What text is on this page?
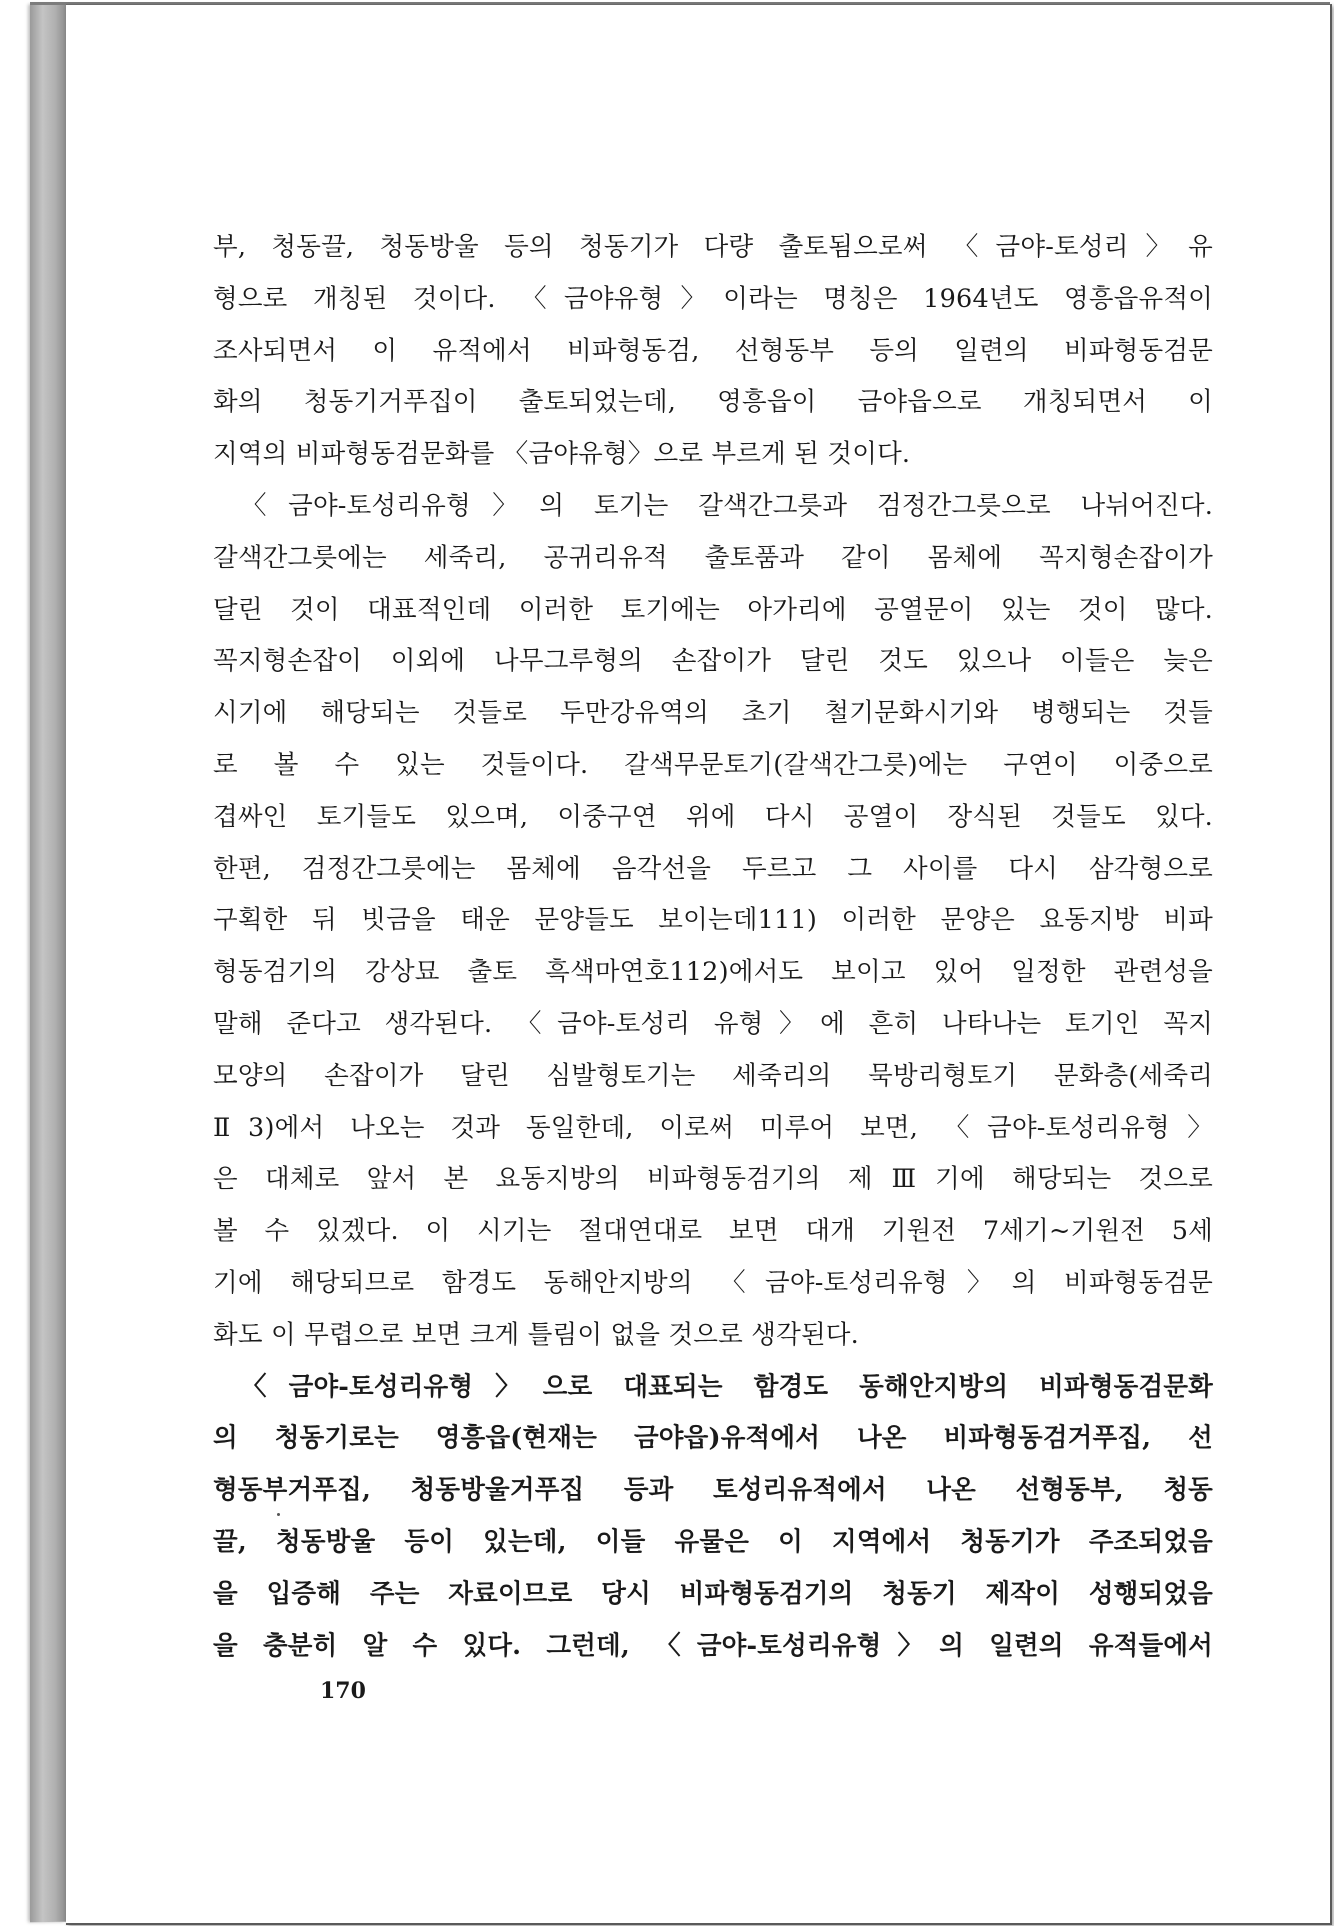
부, 청동끌, 청동방울 등의 청동기가 다량 출토됨으로써 〈금야-토성리〉유
형으로 개칭된 것이다. 〈금야유형〉이라는 명칭은 1964년도 영흥읍유적이
조사되면서 이 유적에서 비파형동검, 선형동부 등의 일련의 비파형동검문
화의 청동기거푸집이 출토되었는데, 영흥읍이 금야읍으로 개칭되면서 이
지역의 비파형동검문화를 〈금야유형〉으로 부르게 된 것이다.
〈금야-토성리유형〉의 토기는 갈색간그릇과 검정간그릇으로 나뉘어진다.
갈색간그릇에는 세죽리, 공귀리유적 출토품과 같이 몸체에 꼭지형손잡이가
달린 것이 대표적인데 이러한 토기에는 아가리에 공열문이 있는 것이 많다.
꼭지형손잡이 이외에 나무그루형의 손잡이가 달린 것도 있으나 이들은 늦은
시기에 해당되는 것들로 두만강유역의 초기 철기문화시기와 병행되는 것들
로 볼 수 있는 것들이다. 갈색무문토기(갈색간그릇)에는 구연이 이중으로
겹싸인 토기들도 있으며, 이중구연 위에 다시 공열이 장식된 것들도 있다.
한편, 검정간그릇에는 몸체에 음각선을 두르고 그 사이를 다시 삼각형으로
구획한 뒤 빗금을 태운 문양들도 보이는데111) 이러한 문양은 요동지방 비파
형동검기의 강상묘 출토 흑색마연호112)에서도 보이고 있어 일정한 관련성을
말해 준다고 생각된다. 〈금야-토성리 유형〉에 흔히 나타나는 토기인 꼭지
모양의 손잡이가 달린 심발형토기는 세죽리의 묵방리형토기 문화층(세죽리
Ⅱ3)에서 나오는 것과 동일한데, 이로써 미루어 보면, 〈금야-토성리유형〉
은 대체로 앞서 본 요동지방의 비파형동검기의 제Ⅲ기에 해당되는 것으로
볼 수 있겠다. 이 시기는 절대연대로 보면 대개 기원전 7세기~기원전 5세
기에 해당되므로 함경도 동해안지방의 〈금야-토성리유형〉의 비파형동검문
화도 이 무렵으로 보면 크게 틀림이 없을 것으로 생각된다.
〈금야-토성리유형〉으로 대표되는 함경도 동해안지방의 비파형동검문화
의 청동기로는 영흥읍(현재는 금야읍)유적에서 나온 비파형동검거푸집, 선
형동부거푸집, 청동방울거푸집 등과 토성리유적에서 나온 선형동부, 청동
끌, 청동방울 등이 있는데, 이들 유물은 이 지역에서 청동기가 주조되었음
을 입증해 주는 자료이므로 당시 비파형동검기의 청동기 제작이 성행되었음
을 충분히 알 수 있다. 그런데, 〈금야-토성리유형〉의 일련의 유적들에서
170
